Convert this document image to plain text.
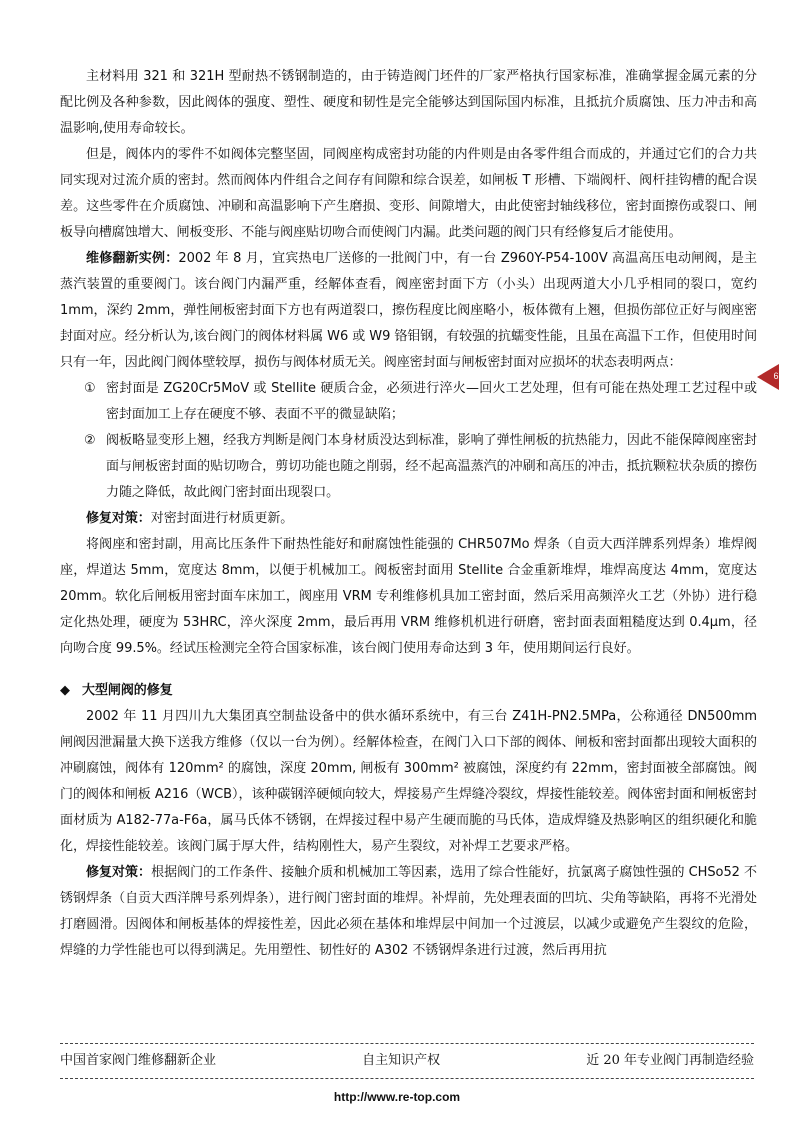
主材料用 321 和 321H 型耐热不锈钢制造的，由于铸造阀门坯件的厂家严格执行国家标准，准确掌握金属元素的分配比例及各种参数，因此阀体的强度、塑性、硬度和韧性是完全能够达到国际国内标准，且抵抗介质腐蚀、压力冲击和高温影响,使用寿命较长。

但是，阀体内的零件不如阀体完整坚固，同阀座构成密封功能的内件则是由各零件组合而成的，并通过它们的合力共同实现对过流介质的密封。然而阀体内件组合之间存有间隙和综合误差，如闸板 T 形槽、下端阀杆、阀杆挂钩槽的配合误差。这些零件在介质腐蚀、冲刷和高温影响下产生磨损、变形、间隙增大，由此使密封轴线移位，密封面擦伤或裂口、闸板导向槽腐蚀增大、闸板变形、不能与阀座贴切吻合而使阀门内漏。此类问题的阀门只有经修复后才能使用。

维修翻新实例：2002 年 8 月，宜宾热电厂送修的一批阀门中，有一台 Z960Y-P54-100V 高温高压电动闸阀，是主蒸汽装置的重要阀门。该台阀门内漏严重，经解体查看，阀座密封面下方（小头）出现两道大小几乎相同的裂口，宽约 1mm，深约 2mm，弹性闸板密封面下方也有两道裂口，擦伤程度比阀座略小，板体微有上翘，但损伤部位正好与阀座密封面对应。经分析认为,该台阀门的阀体材料属 W6 或 W9 铬钼钢，有较强的抗蠕变性能，且虽在高温下工作，但使用时间只有一年，因此阀门阀体壁较厚，损伤与阀体材质无关。阀座密封面与闸板密封面对应损坏的状态表明两点：

① 密封面是 ZG20Cr5MoV 或 Stellite 硬质合金，必须进行淬火—回火工艺处理，但有可能在热处理工艺过程中或密封面加工上存在硬度不够、表面不平的微显缺陷；
② 阀板略显变形上翘，经我方判断是阀门本身材质没达到标准，影响了弹性闸板的抗热能力，因此不能保障阀座密封面与闸板密封面的贴切吻合，剪切功能也随之削弱，经不起高温蒸汽的冲刷和高压的冲击，抵抗颗粒状杂质的擦伤力随之降低，故此阀门密封面出现裂口。

修复对策：对密封面进行材质更新。

将阀座和密封副，用高比压条件下耐热性能好和耐腐蚀性能强的 CHR507Mo 焊条（自贡大西洋牌系列焊条）堆焊阀座，焊道达 5mm，宽度达 8mm，以便于机械加工。阀板密封面用 Stellite 合金重新堆焊，堆焊高度达 4mm，宽度达 20mm。软化后闸板用密封面车床加工，阀座用 VRM 专利维修机具加工密封面，然后采用高频淬火工艺（外协）进行稳定化热处理，硬度为 53HRC，淬火深度 2mm，最后再用 VRM 维修机机进行研磨，密封面表面粗糙度达到 0.4μm，径向吻合度 99.5%。经试压检测完全符合国家标准，该台阀门使用寿命达到 3 年，使用期间运行良好。

◆ 大型闸阀的修复

2002 年 11 月四川九大集团真空制盐设备中的供水循环系统中，有三台 Z41H-PN2.5MPa，公称通径 DN500mm 闸阀因泄漏量大换下送我方维修（仅以一台为例）。经解体检查，在阀门入口下部的阀体、闸板和密封面都出现较大面积的冲刷腐蚀，阀体有 120mm² 的腐蚀，深度 20mm, 闸板有 300mm² 被腐蚀，深度约有 22mm，密封面被全部腐蚀。阀门的阀体和闸板 A216（WCB），该种碳钢淬硬倾向较大，焊接易产生焊缝冷裂纹，焊接性能较差。阀体密封面和闸板密封面材质为 A182-77a-F6a，属马氏体不锈钢，在焊接过程中易产生硬而脆的马氏体，造成焊缝及热影响区的组织硬化和脆化，焊接性能较差。该阀门属于厚大件，结构刚性大，易产生裂纹，对补焊工艺要求严格。

修复对策：根据阀门的工作条件、接触介质和机械加工等因素，选用了综合性能好，抗氯离子腐蚀性强的 CHSo52 不锈钢焊条（自贡大西洋牌号系列焊条），进行阀门密封面的堆焊。补焊前，先处理表面的凹坑、尖角等缺陷，再将不光滑处打磨圆滑。因阀体和闸板基体的焊接性差，因此必须在基体和堆焊层中间加一个过渡层，以减少或避免产生裂纹的危险，焊缝的力学性能也可以得到满足。先用塑性、韧性好的 A302 不锈钢焊条进行过渡，然后再用抗

6
中国首家阀门维修翻新企业	自主知识产权	近 20 年专业阀门再制造经验
http://www.re-top.com
